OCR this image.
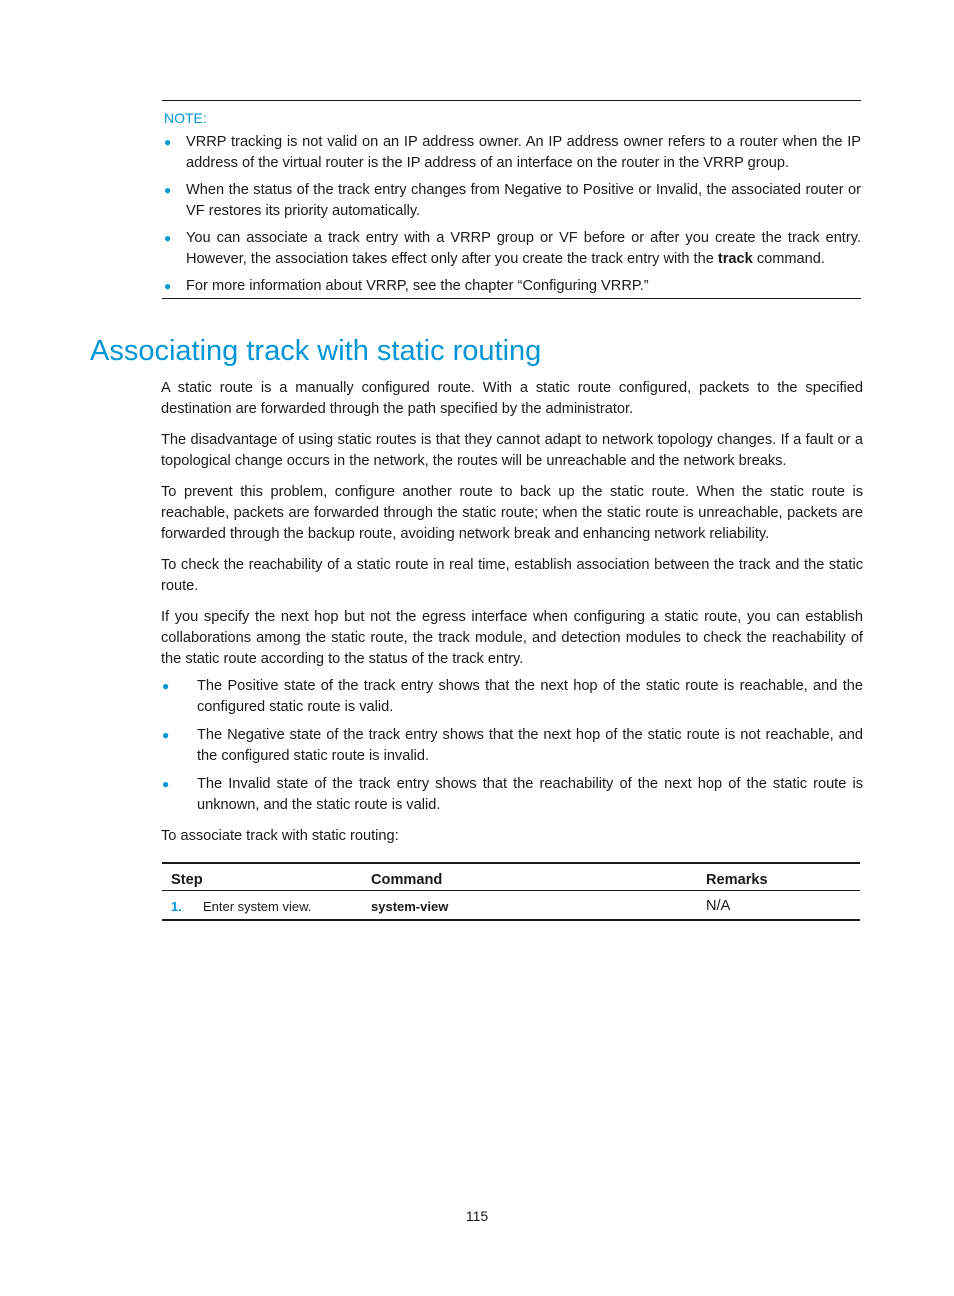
NOTE:
● VRRP tracking is not valid on an IP address owner. An IP address owner refers to a router when the IP address of the virtual router is the IP address of an interface on the router in the VRRP group.
● When the status of the track entry changes from Negative to Positive or Invalid, the associated router or VF restores its priority automatically.
● You can associate a track entry with a VRRP group or VF before or after you create the track entry. However, the association takes effect only after you create the track entry with the track command.
● For more information about VRRP, see the chapter “Configuring VRRP.”
Associating track with static routing

A static route is a manually configured route. With a static route configured, packets to the specified destination are forwarded through the path specified by the administrator.

The disadvantage of using static routes is that they cannot adapt to network topology changes. If a fault or a topological change occurs in the network, the routes will be unreachable and the network breaks.

To prevent this problem, configure another route to back up the static route. When the static route is reachable, packets are forwarded through the static route; when the static route is unreachable, packets are forwarded through the backup route, avoiding network break and enhancing network reliability.

To check the reachability of a static route in real time, establish association between the track and the static route.

If you specify the next hop but not the egress interface when configuring a static route, you can establish collaborations among the static route, the track module, and detection modules to check the reachability of the static route according to the status of the track entry.

● The Positive state of the track entry shows that the next hop of the static route is reachable, and the configured static route is valid.
● The Negative state of the track entry shows that the next hop of the static route is not reachable, and the configured static route is invalid.
● The Invalid state of the track entry shows that the reachability of the next hop of the static route is unknown, and the static route is valid.

To associate track with static routing:

Step	Command	Remarks
1. Enter system view.	system-view	N/A
115
